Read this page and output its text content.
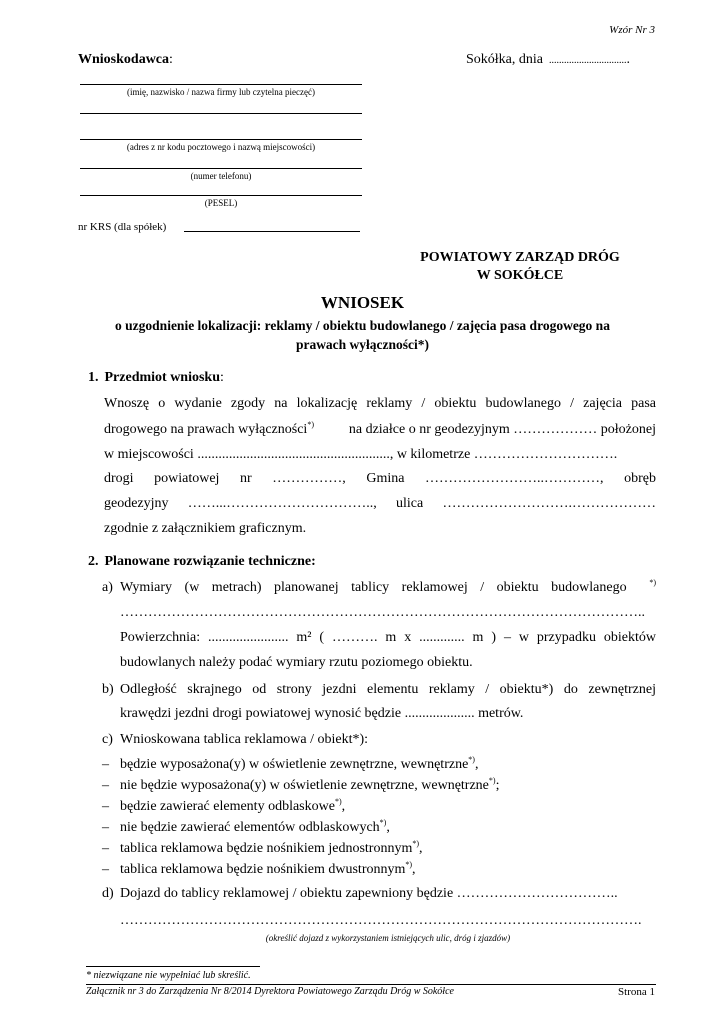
Wzór Nr 3
Wnioskodawca:	Sokółka, dnia ................................
(imię, nazwisko / nazwa firmy lub czytelna pieczęć)
(adres z nr kodu pocztowego i nazwą miejscowości)
(numer telefonu)
(PESEL)
nr KRS (dla spółek)
POWIATOWY ZARZĄD DRÓG
W SOKÓŁCE
WNIOSEK
o uzgodnienie lokalizacji: reklamy / obiektu budowlanego / zajęcia pasa drogowego na
prawach wyłączności*)
1. Przedmiot wniosku:
Wnoszę o wydanie zgody na lokalizację reklamy / obiektu budowlanego / zajęcia pasa
drogowego na prawach wyłączności*) na działce o nr geodezyjnym ……………… położonej
w miejscowości ......................................................., w kilometrze ………………………….
drogi powiatowej nr ……………, Gmina ……………………..…………, obręb
geodezyjny ……...………………………….., ulica ……………………….………………
zgodnie z załącznikiem graficznym.
2. Planowane rozwiązanie techniczne:
a) Wymiary (w metrach) planowanej tablicy reklamowej / obiektu budowlanego	*)
…………………………………………………………………………………………………..
Powierzchnia: ....................... m² ( ………. m x ............. m ) – w przypadku obiektów
budowlanych należy podać wymiary rzutu poziomego obiektu.
b) Odległość skrajnego od strony jezdni elementu reklamy / obiektu*) do zewnętrznej
krawędzi jezdni drogi powiatowej wynosić będzie .................... metrów.
c) Wnioskowana tablica reklamowa / obiekt*):
– będzie wyposażona(y) w oświetlenie zewnętrzne, wewnętrzne*),
– nie będzie wyposażona(y) w oświetlenie zewnętrzne, wewnętrzne*);
– będzie zawierać elementy odblaskowe*),
– nie będzie zawierać elementów odblaskowych*),
– tablica reklamowa będzie nośnikiem jednostronnym*),
– tablica reklamowa będzie nośnikiem dwustronnym*),
d) Dojazd do tablicy reklamowej / obiektu zapewniony będzie ……………………………..
………………………………………………………………………………………………….
(określić dojazd z wykorzystaniem istniejących ulic, dróg i zjazdów)
* niezwiązane nie wypełniać lub skreślić.
Załącznik nr 3 do Zarządzenia Nr 8/2014 Dyrektora Powiatowego Zarządu Dróg w Sokółce	Strona 1
